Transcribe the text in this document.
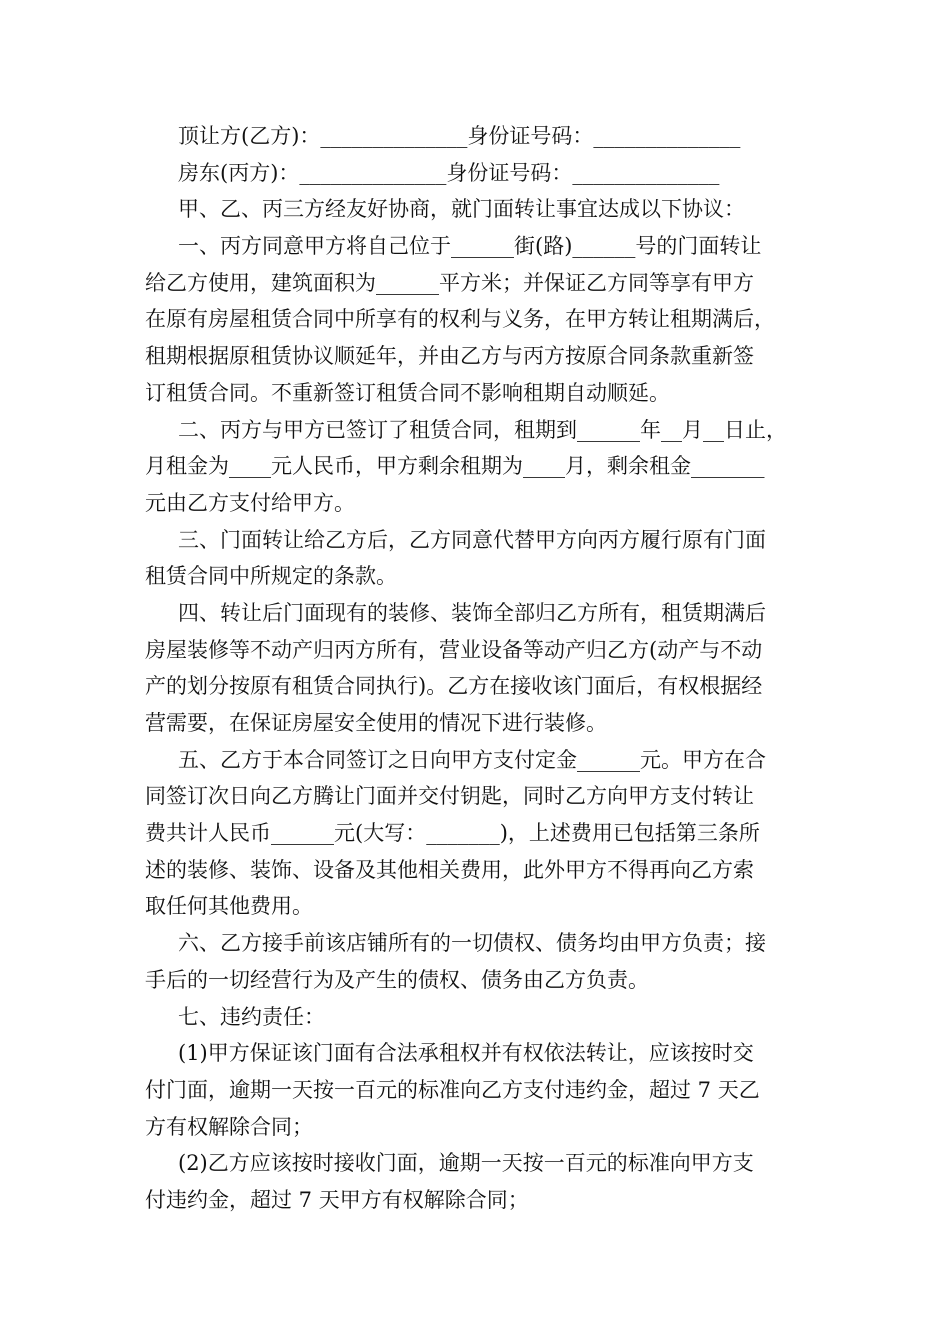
顶让方(乙方)：______________身份证号码：______________
房东(丙方)：______________身份证号码：______________
甲、乙、丙三方经友好协商，就门面转让事宜达成以下协议：
一、丙方同意甲方将自己位于______街(路)______号的门面转让
给乙方使用，建筑面积为______平方米；并保证乙方同等享有甲方
在原有房屋租赁合同中所享有的权利与义务，在甲方转让租期满后，
租期根据原租赁协议顺延年，并由乙方与丙方按原合同条款重新签
订租赁合同。不重新签订租赁合同不影响租期自动顺延。
二、丙方与甲方已签订了租赁合同，租期到______年__月__日止，
月租金为____元人民币，甲方剩余租期为____月，剩余租金_______
元由乙方支付给甲方。
三、门面转让给乙方后，乙方同意代替甲方向丙方履行原有门面
租赁合同中所规定的条款。
四、转让后门面现有的装修、装饰全部归乙方所有，租赁期满后
房屋装修等不动产归丙方所有，营业设备等动产归乙方(动产与不动
产的划分按原有租赁合同执行)。乙方在接收该门面后，有权根据经
营需要，在保证房屋安全使用的情况下进行装修。
五、乙方于本合同签订之日向甲方支付定金______元。甲方在合
同签订次日向乙方腾让门面并交付钥匙，同时乙方向甲方支付转让
费共计人民币______元(大写：_______)，上述费用已包括第三条所
述的装修、装饰、设备及其他相关费用，此外甲方不得再向乙方索
取任何其他费用。
六、乙方接手前该店铺所有的一切债权、债务均由甲方负责；接
手后的一切经营行为及产生的债权、债务由乙方负责。
七、违约责任：
(1)甲方保证该门面有合法承租权并有权依法转让，应该按时交
付门面，逾期一天按一百元的标准向乙方支付违约金，超过 7 天乙
方有权解除合同；
(2)乙方应该按时接收门面，逾期一天按一百元的标准向甲方支
付违约金，超过 7 天甲方有权解除合同；
